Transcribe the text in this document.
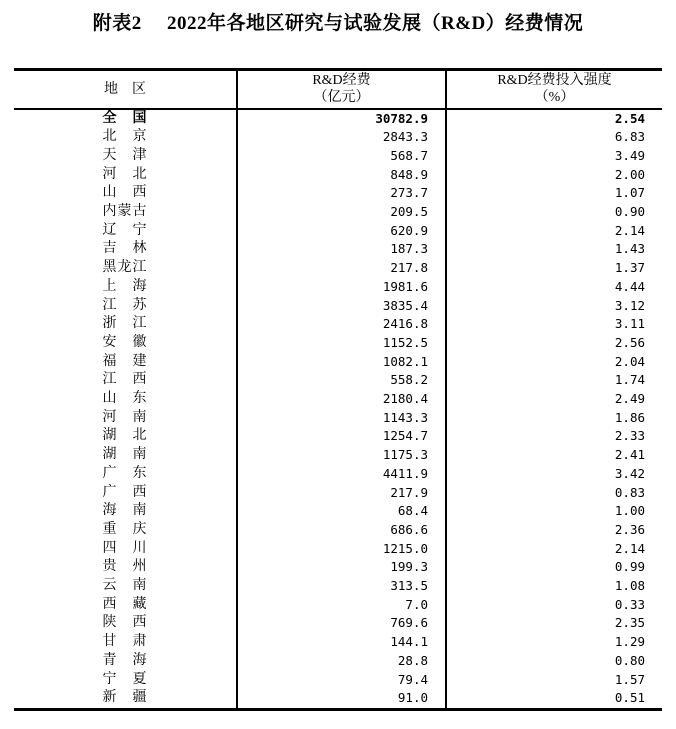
附表2 2022年各地区研究与试验发展（R&D）经费情况
地　区	
R&D经费
（亿元）

R&D经费投入强度
（%）

全　国	30782.9	2.54
北　京	2843.3	6.83
天　津	568.7	3.49
河　北	848.9	2.00
山　西	273.7	1.07
内蒙古	209.5	0.90
辽　宁	620.9	2.14
吉　林	187.3	1.43
黑龙江	217.8	1.37
上　海	1981.6	4.44
江　苏	3835.4	3.12
浙　江	2416.8	3.11
安　徽	1152.5	2.56
福　建	1082.1	2.04
江　西	558.2	1.74
山　东	2180.4	2.49
河　南	1143.3	1.86
湖　北	1254.7	2.33
湖　南	1175.3	2.41
广　东	4411.9	3.42
广　西	217.9	0.83
海　南	68.4	1.00
重　庆	686.6	2.36
四　川	1215.0	2.14
贵　州	199.3	0.99
云　南	313.5	1.08
西　藏	7.0	0.33
陕　西	769.6	2.35
甘　肃	144.1	1.29
青　海	28.8	0.80
宁　夏	79.4	1.57
新　疆	91.0	0.51
